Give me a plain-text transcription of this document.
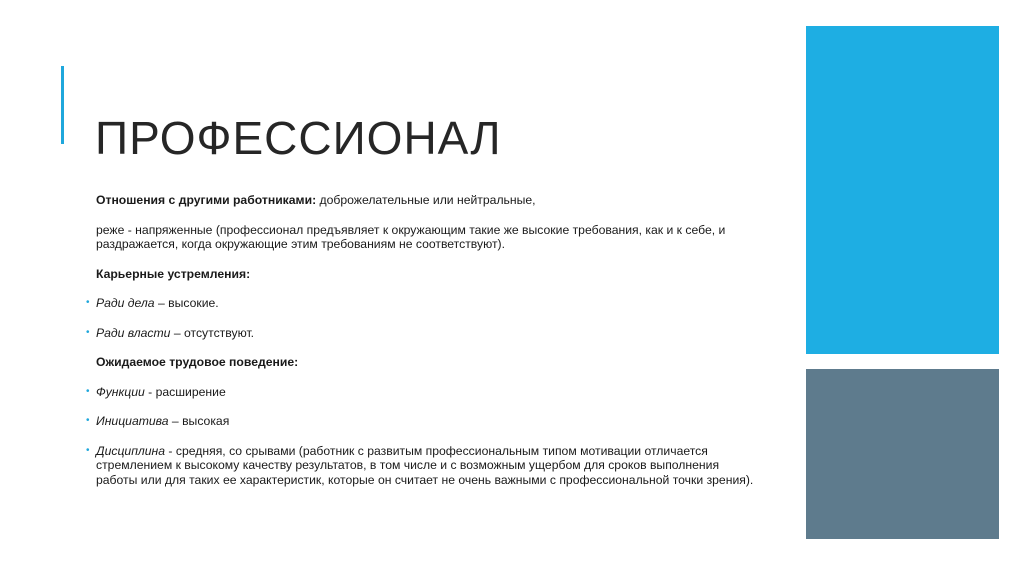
ПРОФЕССИОНАЛ

Отношения с другими работниками: доброжелательные или нейтральные,

реже - напряженные (профессионал предъявляет к окружающим такие же высокие требования, как и к себе, и раздражается, когда окружающие этим требованиям не соответствуют).

Карьерные устремления:

• Ради дела – высокие.

• Ради власти – отсутствуют.

Ожидаемое трудовое поведение:

• Функции - расширение

• Инициатива – высокая

• Дисциплина - средняя, со срывами (работник с развитым профессиональным типом мотивации отличается стремлением к высокому качеству результатов, в том числе и с возможным ущербом для сроков выполнения работы или для таких ее характеристик, которые он считает не очень важными с профессиональной точки зрения).
